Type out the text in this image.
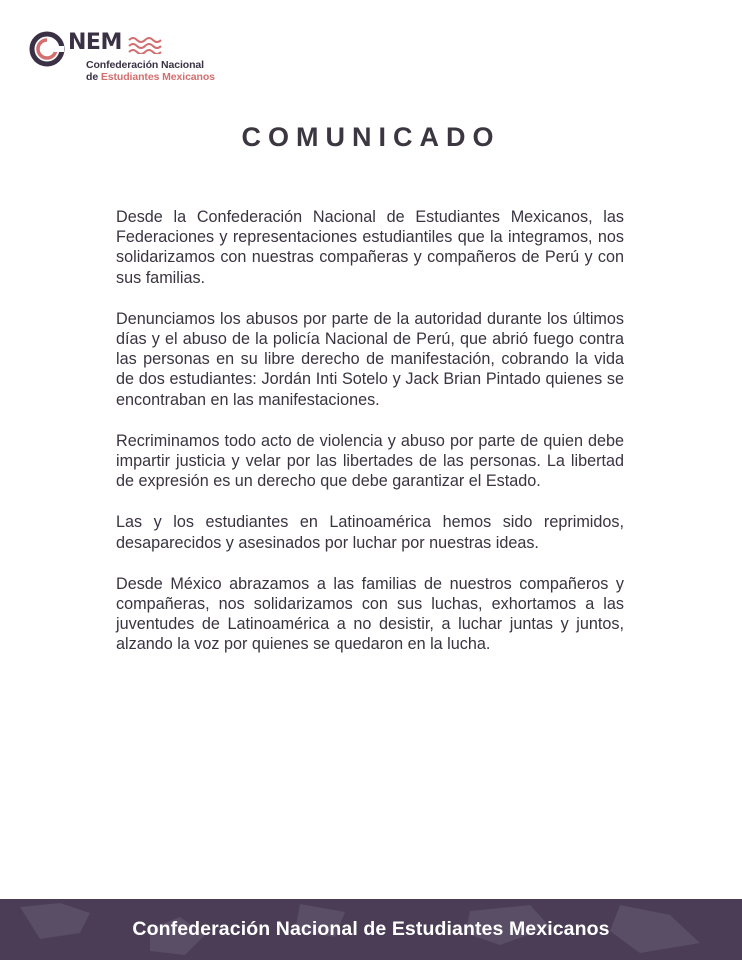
NEM
Confederación Nacional
de Estudiantes Mexicanos
COMUNICADO

Desde la Confederación Nacional de Estudiantes Mexicanos, las Federaciones y representaciones estudiantiles que la integramos, nos solidarizamos con nuestras compañeras y compañeros de Perú y con sus familias.

Denunciamos los abusos por parte de la autoridad durante los últimos días y el abuso de la policía Nacional de Perú, que abrió fuego contra las personas en su libre derecho de manifestación, cobrando la vida de dos estudiantes: Jordán Inti Sotelo y Jack Brian Pintado quienes se encontraban en las manifestaciones.

Recriminamos todo acto de violencia y abuso por parte de quien debe impartir justicia y velar por las libertades de las personas. La libertad de expresión es un derecho que debe garantizar el Estado.

Las y los estudiantes en Latinoamérica hemos sido reprimidos, desaparecidos y asesinados por luchar por nuestras ideas.

Desde México abrazamos a las familias de nuestros compañeros y compañeras, nos solidarizamos con sus luchas, exhortamos a las juventudes de Latinoamérica a no desistir, a luchar juntas y juntos, alzando la voz por quienes se quedaron en la lucha.

Confederación Nacional de Estudiantes Mexicanos
